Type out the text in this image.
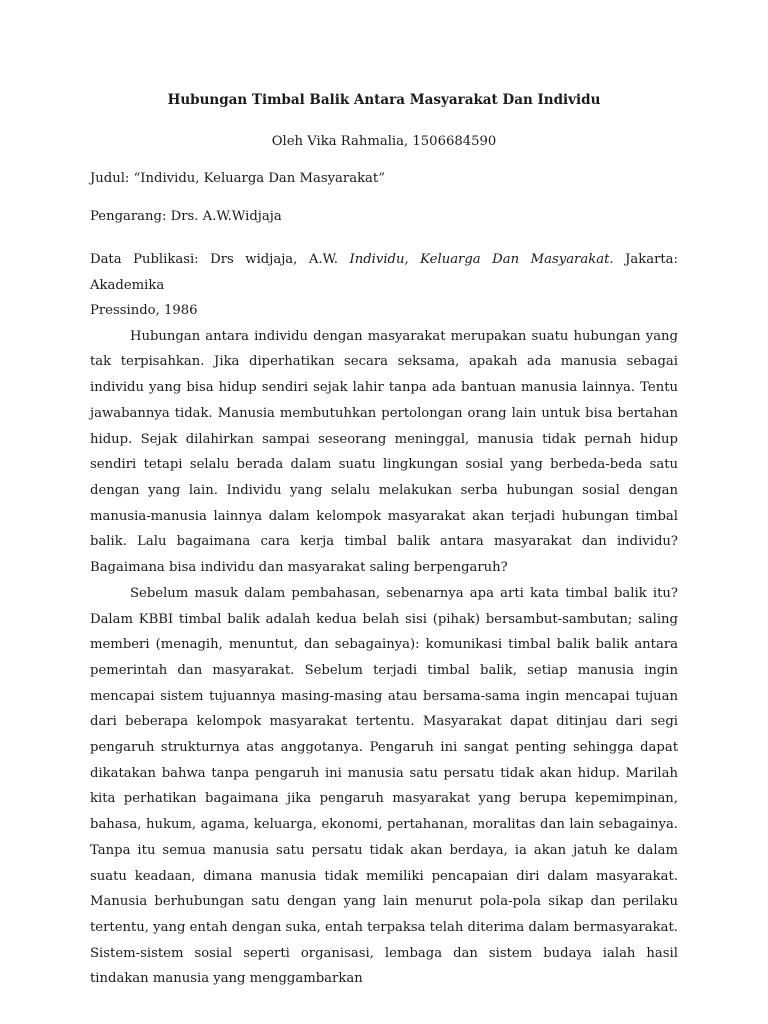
Hubungan Timbal Balik Antara Masyarakat Dan Individu

Oleh Vika Rahmalia, 1506684590

Judul: “Individu, Keluarga Dan Masyarakat”

Pengarang: Drs. A.W.Widjaja

Data Publikasi: Drs widjaja, A.W. Individu, Keluarga Dan Masyarakat. Jakarta: Akademika
Pressindo, 1986

Hubungan antara individu dengan masyarakat merupakan suatu hubungan yang tak terpisahkan. Jika diperhatikan secara seksama, apakah ada manusia sebagai individu yang bisa hidup sendiri sejak lahir tanpa ada bantuan manusia lainnya. Tentu jawabannya tidak. Manusia membutuhkan pertolongan orang lain untuk bisa bertahan hidup. Sejak dilahirkan sampai seseorang meninggal, manusia tidak pernah hidup sendiri tetapi selalu berada dalam suatu lingkungan sosial yang berbeda-beda satu dengan yang lain. Individu yang selalu melakukan serba hubungan sosial dengan manusia-manusia lainnya dalam kelompok masyarakat akan terjadi hubungan timbal balik. Lalu bagaimana cara kerja timbal balik antara masyarakat dan individu? Bagaimana bisa individu dan masyarakat saling berpengaruh?

Sebelum masuk dalam pembahasan, sebenarnya apa arti kata timbal balik itu? Dalam KBBI timbal balik adalah kedua belah sisi (pihak) bersambut-sambutan; saling memberi (menagih, menuntut, dan sebagainya): komunikasi timbal balik balik antara pemerintah dan masyarakat. Sebelum terjadi timbal balik, setiap manusia ingin mencapai sistem tujuannya masing-masing atau bersama-sama ingin mencapai tujuan dari beberapa kelompok masyarakat tertentu. Masyarakat dapat ditinjau dari segi pengaruh strukturnya atas anggotanya. Pengaruh ini sangat penting sehingga dapat dikatakan bahwa tanpa pengaruh ini manusia satu persatu tidak akan hidup. Marilah kita perhatikan bagaimana jika pengaruh masyarakat yang berupa kepemimpinan, bahasa, hukum, agama, keluarga, ekonomi, pertahanan, moralitas dan lain sebagainya. Tanpa itu semua manusia satu persatu tidak akan berdaya, ia akan jatuh ke dalam suatu keadaan, dimana manusia tidak memiliki pencapaian diri dalam masyarakat. Manusia berhubungan satu dengan yang lain menurut pola-pola sikap dan perilaku tertentu, yang entah dengan suka, entah terpaksa telah diterima dalam bermasyarakat. Sistem-sistem sosial seperti organisasi, lembaga dan sistem budaya ialah hasil tindakan manusia yang menggambarkan
